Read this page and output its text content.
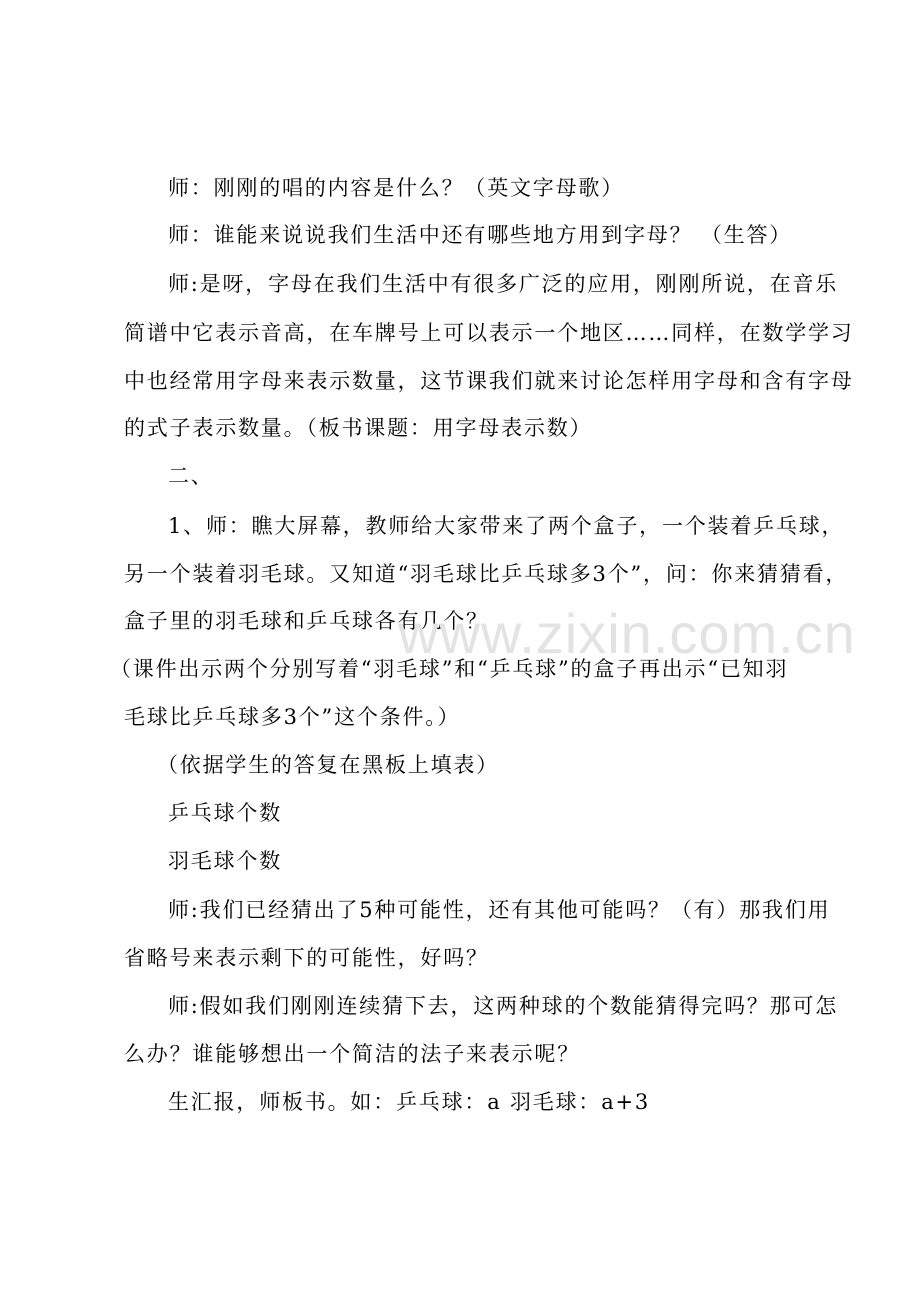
师：刚刚的唱的内容是什么？（英文字母歌）
师：谁能来说说我们生活中还有哪些地方用到字母？ （生答）
师:是呀，字母在我们生活中有很多广泛的应用，刚刚所说，在音乐
简谱中它表示音高，在车牌号上可以表示一个地区……同样，在数学学习
中也经常用字母来表示数量，这节课我们就来讨论怎样用字母和含有字母
的式子表示数量。（板书课题：用字母表示数）
二、
1、师：瞧大屏幕，教师给大家带来了两个盒子，一个装着乒乓球，
另一个装着羽毛球。又知道“羽毛球比乒乓球多3个”，问：你来猜猜看，
盒子里的羽毛球和乒乓球各有几个？
（课件出示两个分别写着“羽毛球”和“乒乓球”的盒子再出示“已知羽
毛球比乒乓球多3个”这个条件。）
（依据学生的答复在黑板上填表）
乒乓球个数
羽毛球个数
师:我们已经猜出了5种可能性，还有其他可能吗？（有）那我们用
省略号来表示剩下的可能性，好吗？
师:假如我们刚刚连续猜下去，这两种球的个数能猜得完吗？那可怎
么办？谁能够想出一个简洁的法子来表示呢？
生汇报，师板书。如：乒乓球：a 羽毛球：a+3
www.zixin.com.cn
